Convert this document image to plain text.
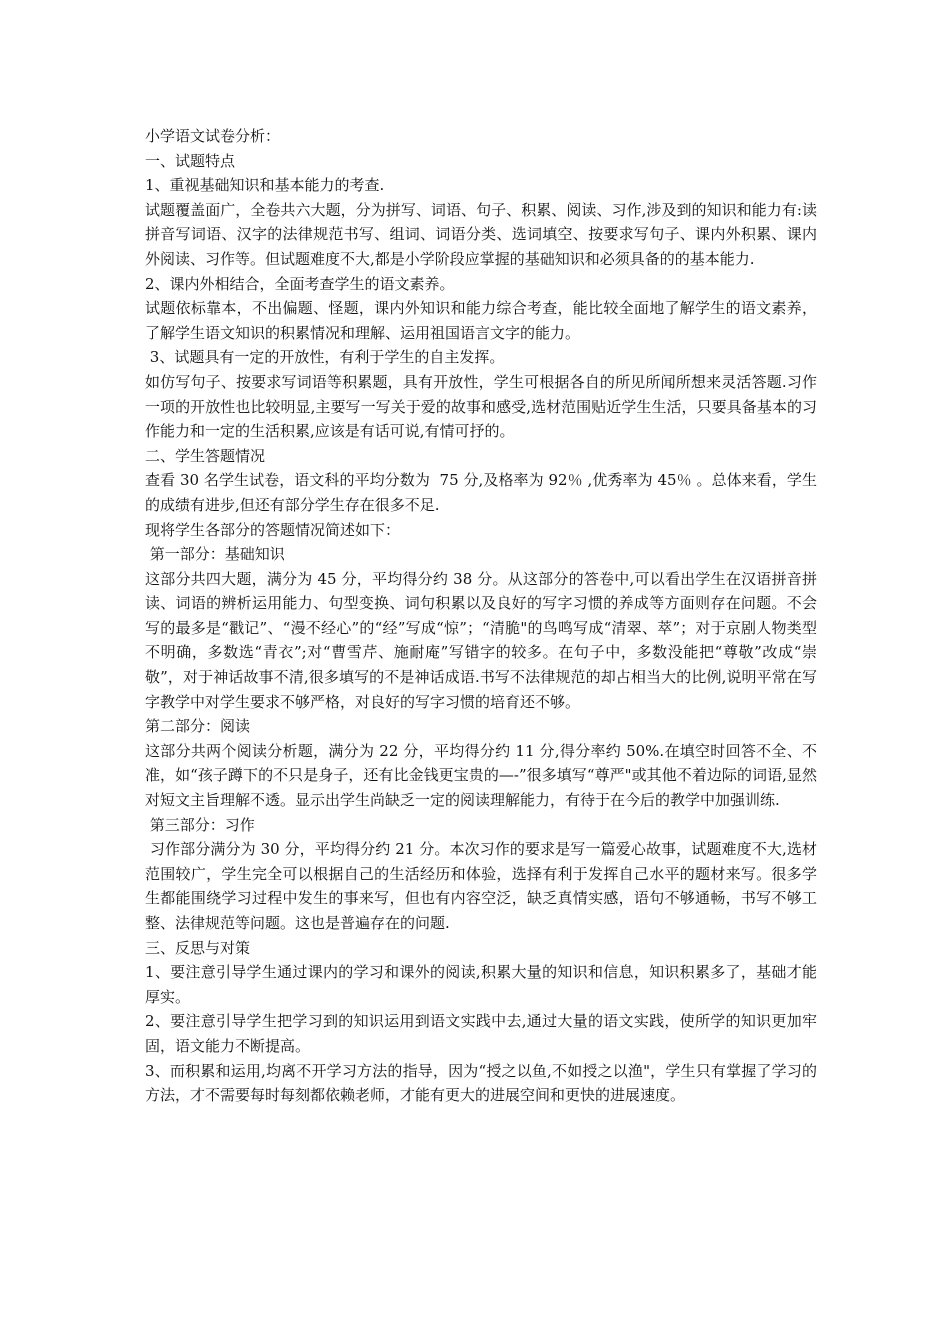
小学语文试卷分析：

一、试题特点

1、重视基础知识和基本能力的考查.

试题覆盖面广，全卷共六大题，分为拼写、词语、句子、积累、阅读、习作,涉及到的知识和能力有:读拼音写词语、汉字的法律规范书写、组词、词语分类、选词填空、按要求写句子、课内外积累、课内外阅读、习作等。但试题难度不大,都是小学阶段应掌握的基础知识和必须具备的的基本能力.

2、课内外相结合，全面考查学生的语文素养。

试题依标靠本，不出偏题、怪题，课内外知识和能力综合考查，能比较全面地了解学生的语文素养，了解学生语文知识的积累情况和理解、运用祖国语言文字的能力。

3、试题具有一定的开放性，有利于学生的自主发挥。

如仿写句子、按要求写词语等积累题，具有开放性，学生可根据各自的所见所闻所想来灵活答题.习作一项的开放性也比较明显,主要写一写关于爱的故事和感受,选材范围贴近学生生活，只要具备基本的习作能力和一定的生活积累,应该是有话可说,有情可抒的。

二、学生答题情况

查看 30 名学生试卷，语文科的平均分数为  75 分,及格率为 92％ ,优秀率为 45％ 。总体来看，学生的成绩有进步,但还有部分学生存在很多不足.

现将学生各部分的答题情况简述如下：

第一部分：基础知识

这部分共四大题，满分为 45 分，平均得分约 38 分。从这部分的答卷中,可以看出学生在汉语拼音拼读、词语的辨析运用能力、句型变换、词句积累以及良好的写字习惯的养成等方面则存在问题。不会写的最多是“戳记”、“漫不经心”的“经”写成“惊”；“清脆"的鸟鸣写成“清翠、萃”；对于京剧人物类型不明确，多数选“青衣”;对“曹雪芹、施耐庵”写错字的较多。在句子中，多数没能把“尊敬”改成“崇敬”，对于神话故事不清,很多填写的不是神话成语.书写不法律规范的却占相当大的比例,说明平常在写字教学中对学生要求不够严格，对良好的写字习惯的培育还不够。

第二部分：阅读

这部分共两个阅读分析题，满分为 22 分，平均得分约 11 分,得分率约 50%.在填空时回答不全、不准，如“孩子蹲下的不只是身子，还有比金钱更宝贵的—-”很多填写“尊严"或其他不着边际的词语,显然对短文主旨理解不透。显示出学生尚缺乏一定的阅读理解能力，有待于在今后的教学中加强训练.

第三部分：习作

习作部分满分为 30 分，平均得分约 21 分。本次习作的要求是写一篇爱心故事，试题难度不大,选材范围较广，学生完全可以根据自己的生活经历和体验，选择有利于发挥自己水平的题材来写。很多学生都能围绕学习过程中发生的事来写，但也有内容空泛，缺乏真情实感，语句不够通畅，书写不够工整、法律规范等问题。这也是普遍存在的问题.

三、反思与对策

1、要注意引导学生通过课内的学习和课外的阅读,积累大量的知识和信息，知识积累多了，基础才能厚实。

2、要注意引导学生把学习到的知识运用到语文实践中去,通过大量的语文实践，使所学的知识更加牢固，语文能力不断提高。

3、而积累和运用,均离不开学习方法的指导，因为“授之以鱼,不如授之以渔"，学生只有掌握了学习的方法，才不需要每时每刻都依赖老师，才能有更大的进展空间和更快的进展速度。
